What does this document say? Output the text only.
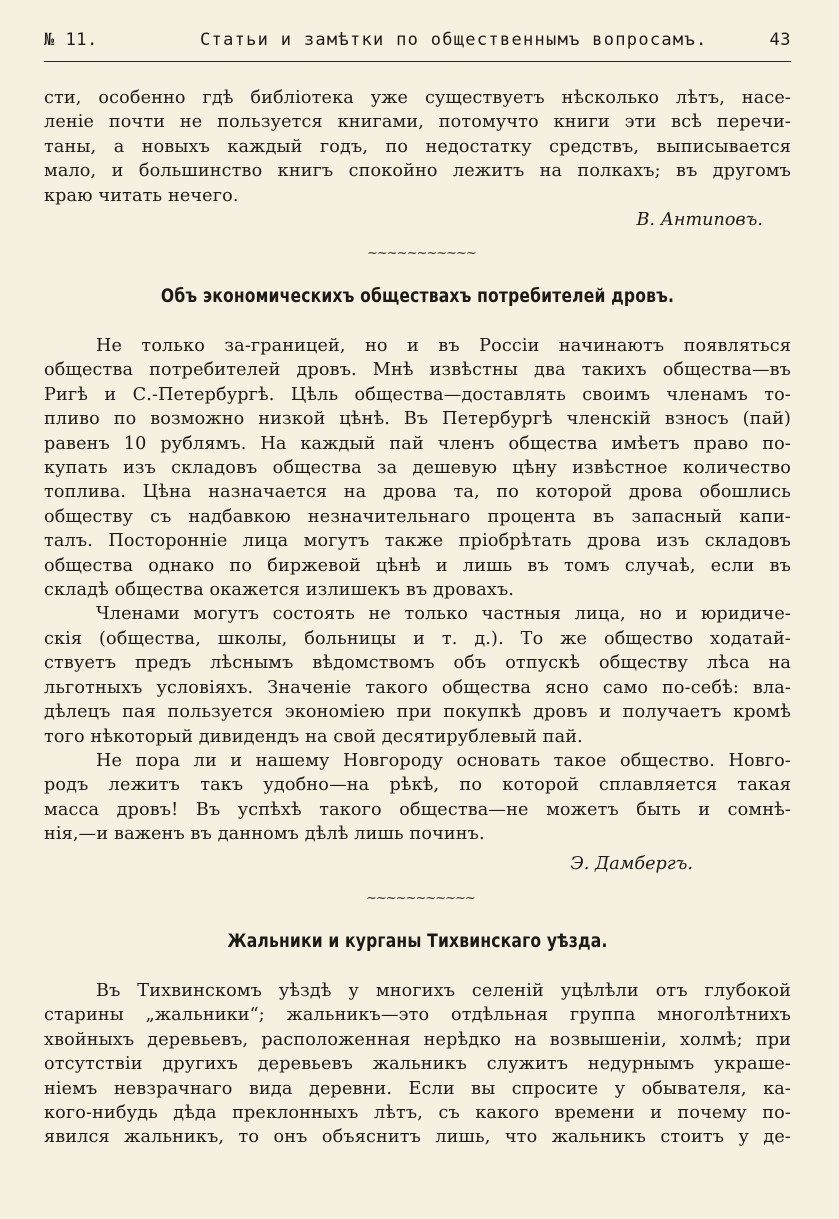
№ 11.	Статьи и замѣтки по общественнымъ вопросамъ.	43

сти, особенно гдѣ библіотека уже существуетъ нѣсколько лѣтъ, насе-

леніе почти не пользуется книгами, потомучто книги эти всѣ перечи-

таны, а новыхъ каждый годъ, по недостатку средствъ, выписывается

мало, и большинство книгъ спокойно лежитъ на полкахъ; въ другомъ

краю читать нечего.

В. Антиповъ.
~~~~~~~~~~~
Объ экономическихъ обществахъ потребителей дровъ.

Не только за-границей, но и въ Россіи начинаютъ появляться

общества потребителей дровъ. Мнѣ извѣстны два такихъ общества—въ

Ригѣ и С.-Петербургѣ. Цѣль общества—доставлять своимъ членамъ то-

пливо по возможно низкой цѣнѣ. Въ Петербургѣ членскій взносъ (пай)

равенъ 10 рублямъ. На каждый пай членъ общества имѣетъ право по-

купать изъ складовъ общества за дешевую цѣну извѣстное количество

топлива. Цѣна назначается на дрова та, по которой дрова обошлись

обществу съ надбавкою незначительнаго процента въ запасный капи-

талъ. Посторонніе лица могутъ также пріобрѣтать дрова изъ складовъ

общества однако по биржевой цѣнѣ и лишь въ томъ случаѣ, если въ

складѣ общества окажется излишекъ въ дровахъ.

Членами могутъ состоять не только частныя лица, но и юридиче-

скія (общества, школы, больницы и т. д.). То же общество ходатай-

ствуетъ предъ лѣснымъ вѣдомствомъ объ отпускѣ обществу лѣса на

льготныхъ условіяхъ. Значеніе такого общества ясно само по-себѣ: вла-

дѣлецъ пая пользуется экономіею при покупкѣ дровъ и получаетъ кромѣ

того нѣкоторый дивидендъ на свой десятирублевый пай.

Не пора ли и нашему Новгороду основать такое общество. Новго-

родъ лежитъ такъ удобно—на рѣкѣ, по которой сплавляется такая

масса дровъ! Въ успѣхѣ такого общества—не можетъ быть и сомнѣ-

нія,—и важенъ въ данномъ дѣлѣ лишь починъ.

Э. Дамбергъ.
~~~~~~~~~~~
Жальники и курганы Тихвинскаго уѣзда.

Въ Тихвинскомъ уѣздѣ у многихъ селеній уцѣлѣли отъ глубокой

старины „жальники“; жальникъ—это отдѣльная группа многолѣтнихъ

хвойныхъ деревьевъ, расположенная нерѣдко на возвышеніи, холмѣ; при

отсутствіи другихъ деревьевъ жальникъ служитъ недурнымъ украше-

ніемъ невзрачнаго вида деревни. Если вы спросите у обывателя, ка-

кого-нибудь дѣда преклонныхъ лѣтъ, съ какого времени и почему по-

явился жальникъ, то онъ объяснитъ лишь, что жальникъ стоитъ у де-
